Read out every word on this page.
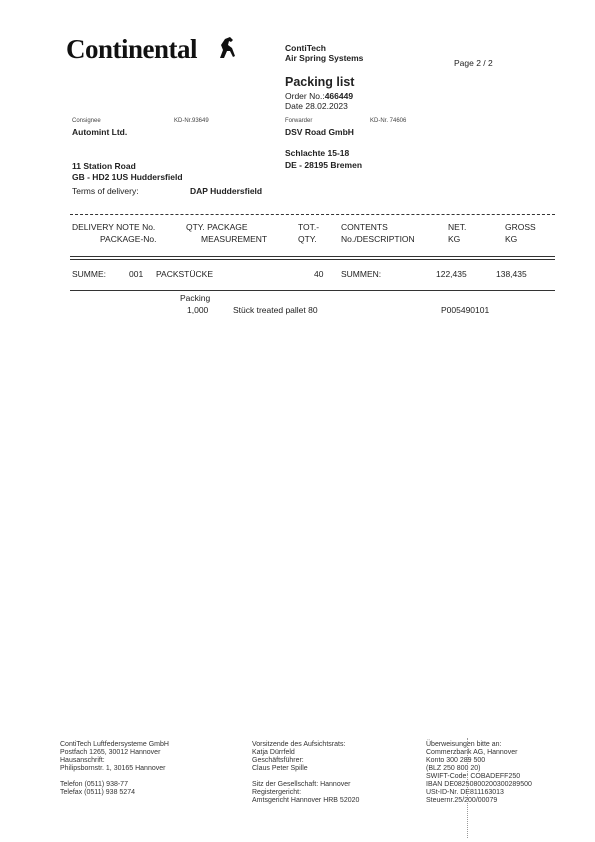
Continental	ContiTech
Air Spring Systems	Page 2 / 2
Packing list
Order No.:466449
Date 28.02.2023
Consignee	KD-Nr.93649
Automint Ltd.
11 Station Road
GB - HD2 1US Huddersfield
Forwarder	KD-Nr. 74606
DSV Road GmbH
Schlachte 15-18
DE - 28195 Bremen
Terms of delivery:	DAP Huddersfield
DELIVERY NOTE No.	QTY. PACKAGE	TOT.-	CONTENTS	NET.	GROSS
PACKAGE-No.	MEASUREMENT	QTY.	No./DESCRIPTION	KG	KG
SUMME:	001 PACKSTÜCKE	40 SUMMEN:	122,435	138,435
Packing
1,000	Stück treated pallet 80	P005490101
ContiTech Luftfedersysteme GmbH
Postfach 1265, 30012 Hannover
Hausanschrift:
Philipsbornstr. 1, 30165 Hannover
Telefon (0511) 938-77
Telefax (0511) 938 5274
Vorsitzende des Aufsichtsrats:
Katja Dürrfeld
Geschäftsführer:
Claus Peter Spille
Sitz der Gesellschaft: Hannover
Registergericht:
Amtsgericht Hannover HRB 52020
Überweisungen bitte an:
Commerzbank AG, Hannover
Konto 300 289 500
(BLZ 250 800 20)
SWIFT-Code: COBADEFF250
IBAN DE08250800200300289500
USt-ID-Nr. DE811163013
Steuernr.25/200/00079
